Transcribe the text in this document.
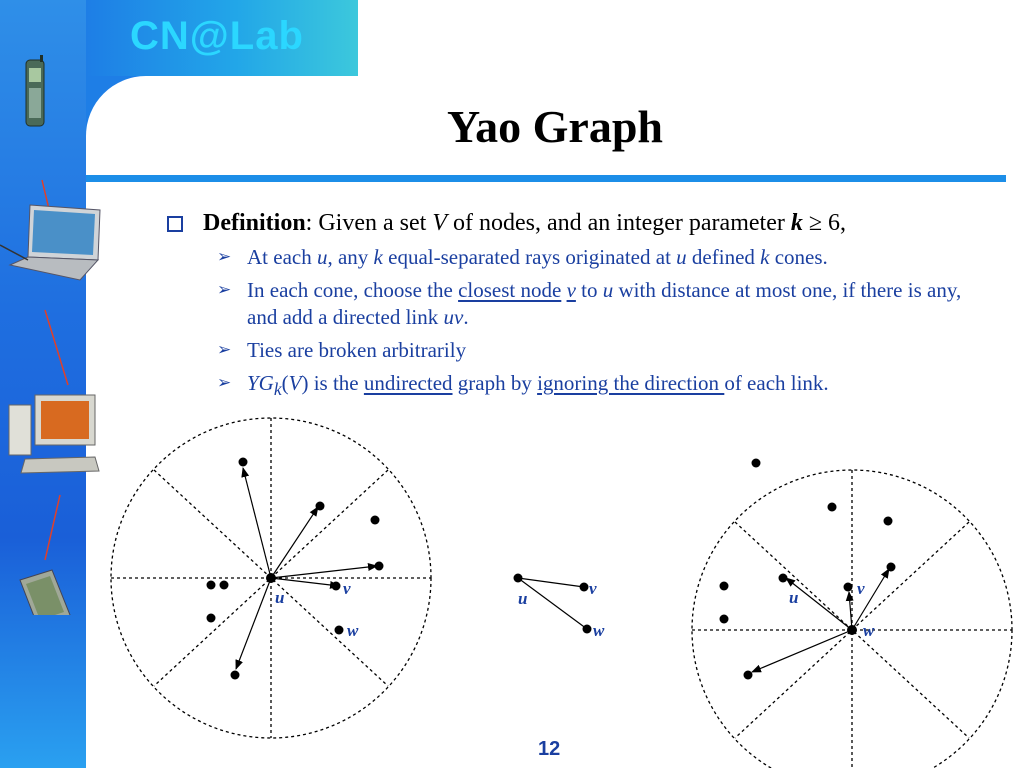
CN@Lab
Yao Graph
Definition: Given a set V of nodes, and an integer parameter k ≥ 6,
➢ At each u, any k equal-separated rays originated at u defined k cones.
➢ In each cone, choose the closest node v to u with distance at most one, if there is any, and add a directed link uv.
➢ Ties are broken arbitrarily
➢ $YG_k(V)$ is the undirected graph by ignoring the direction of each link.
u	v
w
u
v
w
u	v
w
12
